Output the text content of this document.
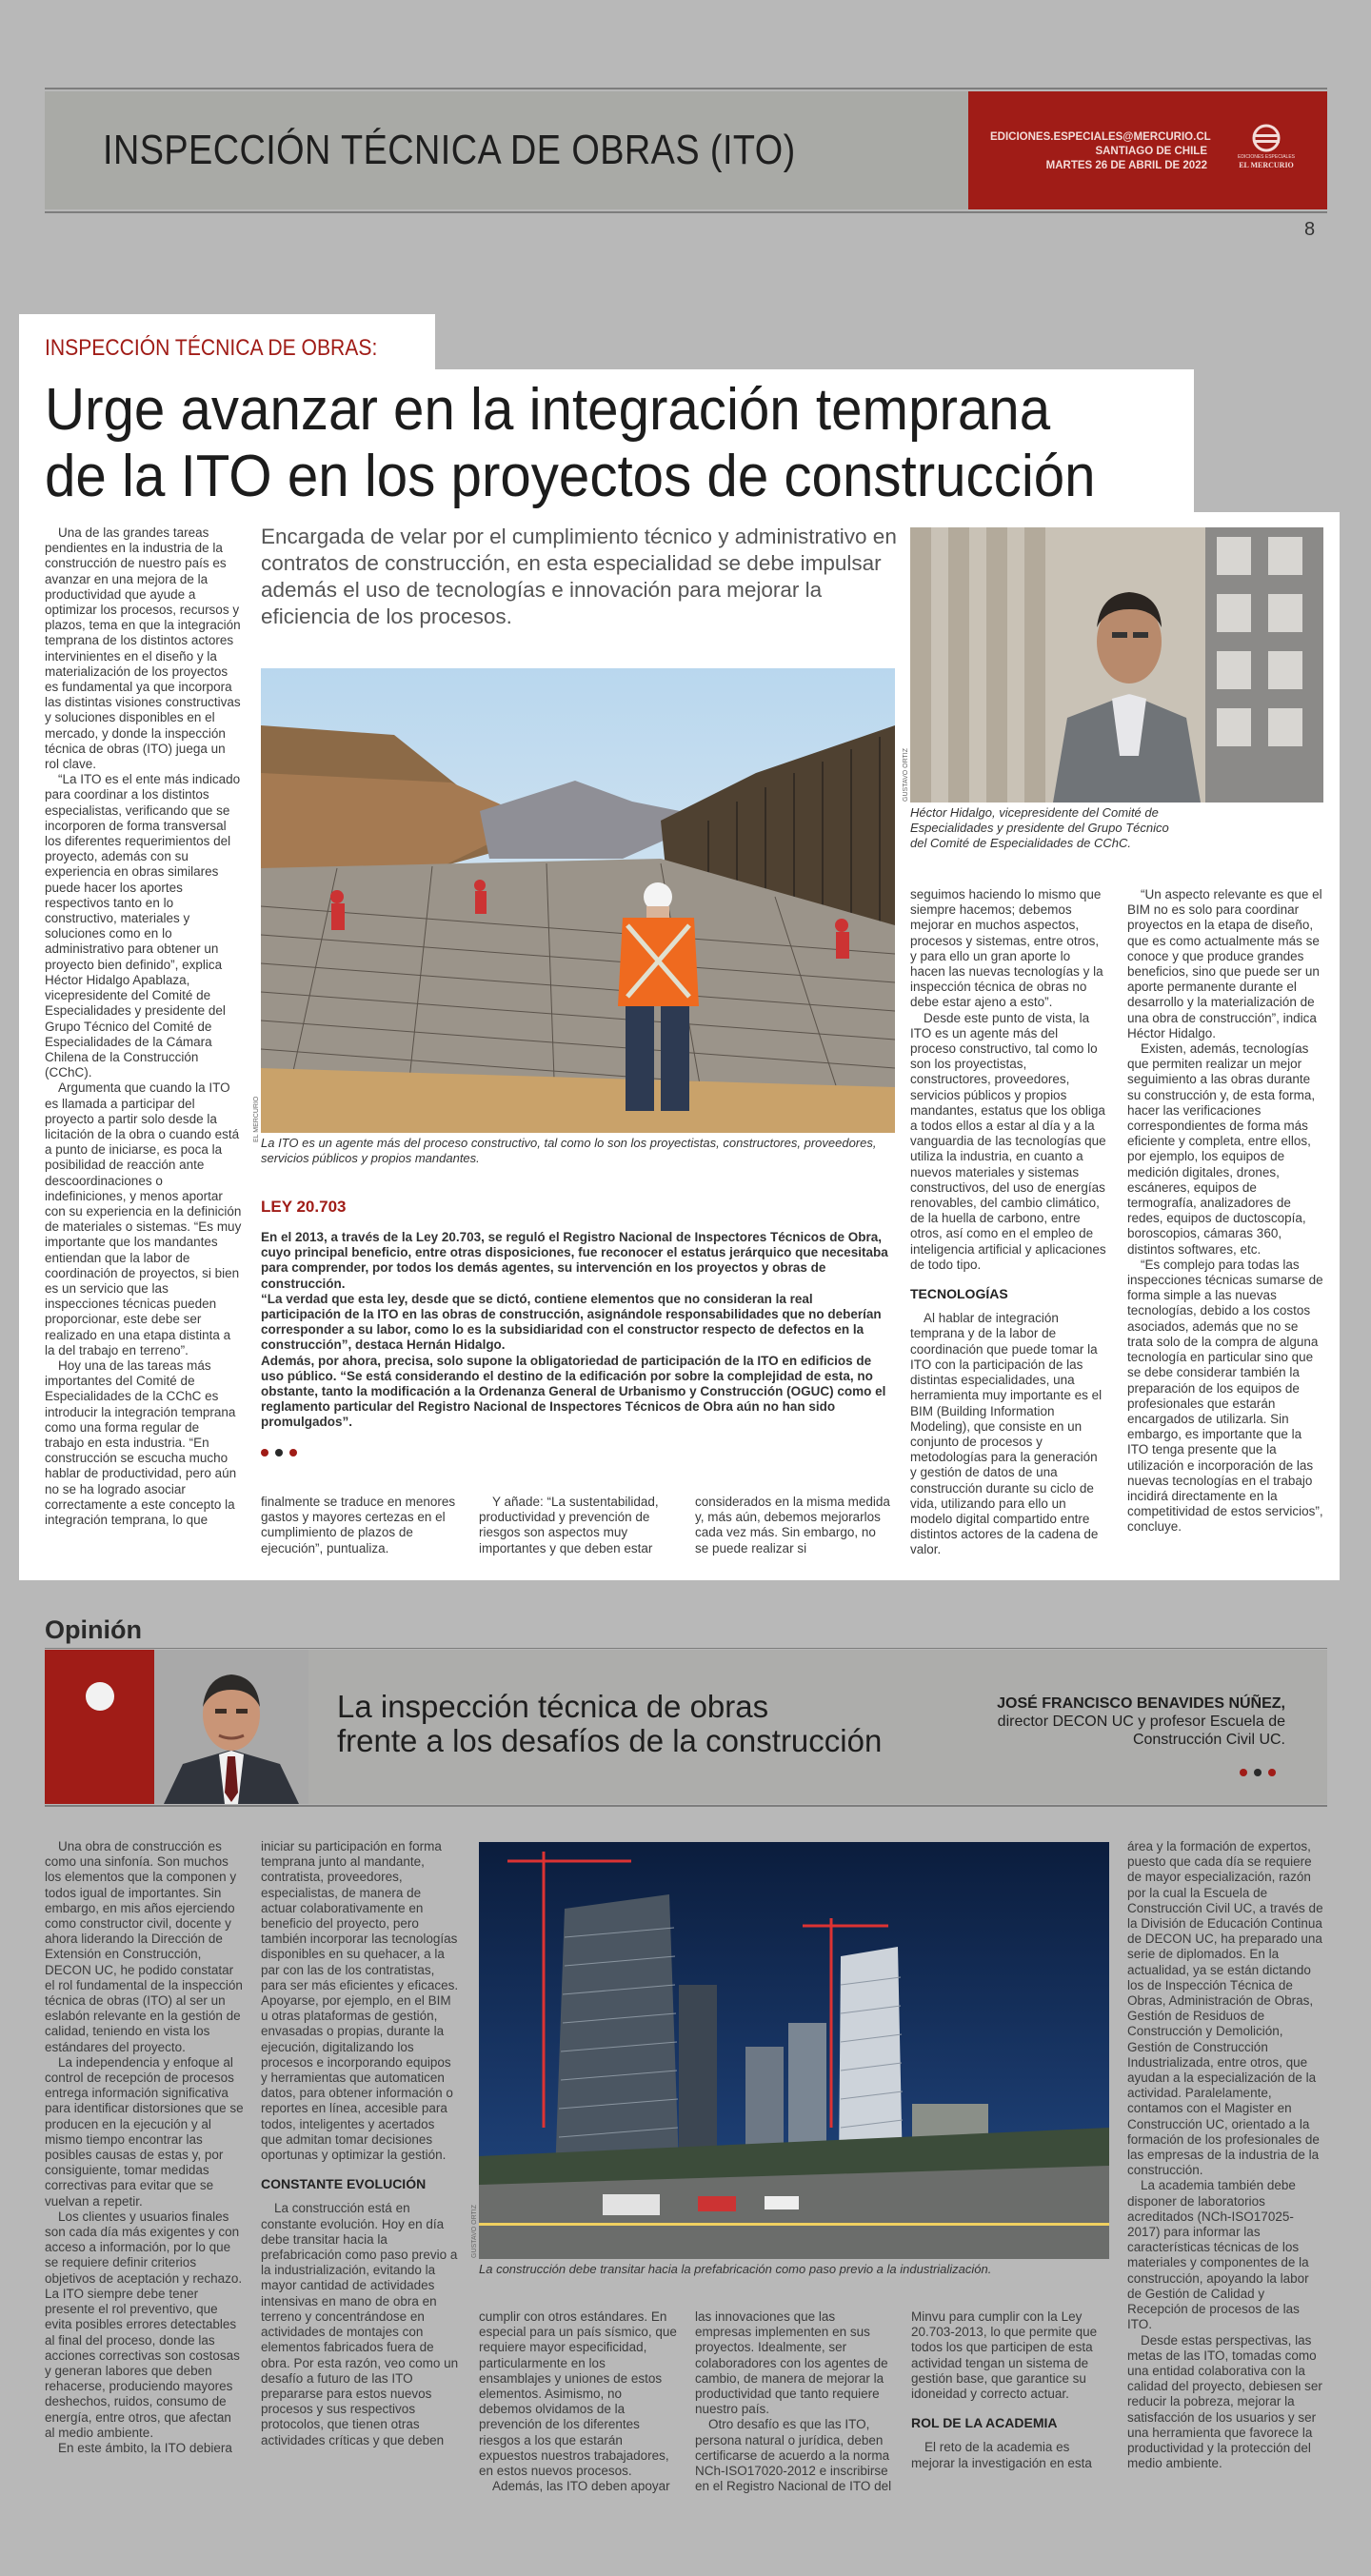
INSPECCIÓN TÉCNICA DE OBRAS (ITO)	EDICIONES.ESPECIALES@MERCURIO.CL
SANTIAGO DE CHILE
MARTES 26 DE ABRIL DE 2022
EDICIONES ESPECIALES
EL MERCURIO
8
INSPECCIÓN TÉCNICA DE OBRAS:
Urge avanzar en la integración temprana
de la ITO en los proyectos de construcción

Una de las grandes tareas pendientes en la industria de la construcción de nuestro país es avanzar en una mejora de la productividad que ayude a optimizar los procesos, recursos y plazos, tema en que la integración temprana de los distintos actores intervinientes en el diseño y la materialización de los proyectos es fundamental ya que incorpora las distintas visiones constructivas y soluciones disponibles en el mercado, y donde la inspección técnica de obras (ITO) juega un rol clave.

“La ITO es el ente más indicado para coordinar a los distintos especialistas, verificando que se incorporen de forma transversal los diferentes requerimientos del proyecto, además con su experiencia en obras similares puede hacer los aportes respectivos tanto en lo constructivo, materiales y soluciones como en lo administrativo para obtener un proyecto bien definido”, explica Héctor Hidalgo Apablaza, vicepresidente del Comité de Especialidades y presidente del Grupo Técnico del Comité de Especialidades de la Cámara Chilena de la Construcción (CChC).

Argumenta que cuando la ITO es llamada a participar del proyecto a partir solo desde la licitación de la obra o cuando está a punto de iniciarse, es poca la posibilidad de reacción ante descoordinaciones o indefiniciones, y menos aportar con su experiencia en la definición de materiales o sistemas. “Es muy importante que los mandantes entiendan que la labor de coordinación de proyectos, si bien es un servicio que las inspecciones técnicas pueden proporcionar, este debe ser realizado en una etapa distinta a la del trabajo en terreno”.

Hoy una de las tareas más importantes del Comité de Especialidades de la CChC es introducir la integración temprana como una forma regular de trabajo en esta industria. “En construcción se escucha mucho hablar de productividad, pero aún no se ha logrado asociar correctamente a este concepto la integración temprana, lo que

Encargada de velar por el cumplimiento técnico y administrativo en contratos de construcción, en esta especialidad se debe impulsar además el uso de tecnologías e innovación para mejorar la eficiencia de los procesos.
EL MERCURIO
La ITO es un agente más del proceso constructivo, tal como lo son los proyectistas, constructores, proveedores, servicios públicos y propios mandantes.
GUSTAVO ORTIZ
Héctor Hidalgo, vicepresidente del Comité de Especialidades y presidente del Grupo Técnico del Comité de Especialidades de CChC.
LEY 20.703
En el 2013, a través de la Ley 20.703, se reguló el Registro Nacional de Inspectores Técnicos de Obra, cuyo principal beneficio, entre otras disposiciones, fue reconocer el estatus jerárquico que necesitaba para comprender, por todos los demás agentes, su intervención en los proyectos y obras de construcción.
“La verdad que esta ley, desde que se dictó, contiene elementos que no consideran la real participación de la ITO en las obras de construcción, asignándole responsabilidades que no deberían corresponder a su labor, como lo es la subsidiaridad con el constructor respecto de defectos en la construcción”, destaca Hernán Hidalgo.
Además, por ahora, precisa, solo supone la obligatoriedad de participación de la ITO en edificios de uso público. “Se está considerando el destino de la edificación por sobre la complejidad de esta, no obstante, tanto la modificación a la Ordenanza General de Urbanismo y Construcción (OGUC) como el reglamento particular del Registro Nacional de Inspectores Técnicos de Obra aún no han sido promulgados”.

finalmente se traduce en menores gastos y mayores certezas en el cumplimiento de plazos de ejecución”, puntualiza.

Y añade: “La sustentabilidad, productividad y prevención de riesgos son aspectos muy importantes y que deben estar

considerados en la misma medida y, más aún, debemos mejorarlos cada vez más. Sin embargo, no se puede realizar si

seguimos haciendo lo mismo que siempre hacemos; debemos mejorar en muchos aspectos, procesos y sistemas, entre otros, y para ello un gran aporte lo hacen las nuevas tecnologías y la inspección técnica de obras no debe estar ajeno a esto”.

Desde este punto de vista, la ITO es un agente más del proceso constructivo, tal como lo son los proyectistas, constructores, proveedores, servicios públicos y propios mandantes, estatus que los obliga a todos ellos a estar al día y a la vanguardia de las tecnologías que utiliza la industria, en cuanto a nuevos materiales y sistemas constructivos, del uso de energías renovables, del cambio climático, de la huella de carbono, entre otros, así como en el empleo de inteligencia artificial y aplicaciones de todo tipo.

TECNOLOGÍAS

Al hablar de integración temprana y de la labor de coordinación que puede tomar la ITO con la participación de las distintas especialidades, una herramienta muy importante es el BIM (Building Information Modeling), que consiste en un conjunto de procesos y metodologías para la generación y gestión de datos de una construcción durante su ciclo de vida, utilizando para ello un modelo digital compartido entre distintos actores de la cadena de valor.

“Un aspecto relevante es que el BIM no es solo para coordinar proyectos en la etapa de diseño, que es como actualmente más se conoce y que produce grandes beneficios, sino que puede ser un aporte permanente durante el desarrollo y la materialización de una obra de construcción”, indica Héctor Hidalgo.

Existen, además, tecnologías que permiten realizar un mejor seguimiento a las obras durante su construcción y, de esta forma, hacer las verificaciones correspondientes de forma más eficiente y completa, entre ellos, por ejemplo, los equipos de medición digitales, drones, escáneres, equipos de termografía, analizadores de redes, equipos de ductoscopía, boroscopios, cámaras 360, distintos softwares, etc.

“Es complejo para todas las inspecciones técnicas sumarse de forma simple a las nuevas tecnologías, debido a los costos asociados, además que no se trata solo de la compra de alguna tecnología en particular sino que se debe considerar también la preparación de los equipos de profesionales que estarán encargados de utilizarla. Sin embargo, es importante que la ITO tenga presente que la utilización e incorporación de las nuevas tecnologías en el trabajo incidirá directamente en la competitividad de estos servicios”, concluye.

Opinión
La inspección técnica de obras
frente a los desafíos de la construcción
JOSÉ FRANCISCO BENAVIDES NÚÑEZ,
director DECON UC y profesor Escuela de
Construcción Civil UC.

Una obra de construcción es como una sinfonía. Son muchos los elementos que la componen y todos igual de importantes. Sin embargo, en mis años ejerciendo como constructor civil, docente y ahora liderando la Dirección de Extensión en Construcción, DECON UC, he podido constatar el rol fundamental de la inspección técnica de obras (ITO) al ser un eslabón relevante en la gestión de calidad, teniendo en vista los estándares del proyecto.

La independencia y enfoque al control de recepción de procesos entrega información significativa para identificar distorsiones que se producen en la ejecución y al mismo tiempo encontrar las posibles causas de estas y, por consiguiente, tomar medidas correctivas para evitar que se vuelvan a repetir.

Los clientes y usuarios finales son cada día más exigentes y con acceso a información, por lo que se requiere definir criterios objetivos de aceptación y rechazo. La ITO siempre debe tener presente el rol preventivo, que evita posibles errores detectables al final del proceso, donde las acciones correctivas son costosas y generan labores que deben rehacerse, produciendo mayores deshechos, ruidos, consumo de energía, entre otros, que afectan al medio ambiente.

En este ámbito, la ITO debiera

iniciar su participación en forma temprana junto al mandante, contratista, proveedores, especialistas, de manera de actuar colaborativamente en beneficio del proyecto, pero también incorporar las tecnologías disponibles en su quehacer, a la par con las de los contratistas, para ser más eficientes y eficaces. Apoyarse, por ejemplo, en el BIM u otras plataformas de gestión, envasadas o propias, durante la ejecución, digitalizando los procesos e incorporando equipos y herramientas que automaticen datos, para obtener información o reportes en línea, accesible para todos, inteligentes y acertados que admitan tomar decisiones oportunas y optimizar la gestión.

CONSTANTE EVOLUCIÓN

La construcción está en constante evolución. Hoy en día debe transitar hacia la prefabricación como paso previo a la industrialización, evitando la mayor cantidad de actividades intensivas en mano de obra en terreno y concentrándose en actividades de montajes con elementos fabricados fuera de obra. Por esta razón, veo como un desafío a futuro de las ITO prepararse para estos nuevos procesos y sus respectivos protocolos, que tienen otras actividades críticas y que deben

GUSTAVO ORTIZ
La construcción debe transitar hacia la prefabricación como paso previo a la industrialización.

cumplir con otros estándares. En especial para un país sísmico, que requiere mayor especificidad, particularmente en los ensamblajes y uniones de estos elementos. Asimismo, no debemos olvidamos de la prevención de los diferentes riesgos a los que estarán expuestos nuestros trabajadores, en estos nuevos procesos.

Además, las ITO deben apoyar

las innovaciones que las empresas implementen en sus proyectos. Idealmente, ser colaboradores con los agentes de cambio, de manera de mejorar la productividad que tanto requiere nuestro país.

Otro desafío es que las ITO, persona natural o jurídica, deben certificarse de acuerdo a la norma NCh-ISO17020-2012 e inscribirse en el Registro Nacional de ITO del

Minvu para cumplir con la Ley 20.703-2013, lo que permite que todos los que participen de esta actividad tengan un sistema de gestión base, que garantice su idoneidad y correcto actuar.

ROL DE LA ACADEMIA

El reto de la academia es mejorar la investigación en esta

área y la formación de expertos, puesto que cada día se requiere de mayor especialización, razón por la cual la Escuela de Construcción Civil UC, a través de la División de Educación Continua de DECON UC, ha preparado una serie de diplomados. En la actualidad, ya se están dictando los de Inspección Técnica de Obras, Administración de Obras, Gestión de Residuos de Construcción y Demolición, Gestión de Construcción Industrializada, entre otros, que ayudan a la especialización de la actividad. Paralelamente, contamos con el Magister en Construcción UC, orientado a la formación de los profesionales de las empresas de la industria de la construcción.

La academia también debe disponer de laboratorios acreditados (NCh-ISO17025-2017) para informar las características técnicas de los materiales y componentes de la construcción, apoyando la labor de Gestión de Calidad y Recepción de procesos de las ITO.

Desde estas perspectivas, las metas de las ITO, tomadas como una entidad colaborativa con la calidad del proyecto, debiesen ser reducir la pobreza, mejorar la satisfacción de los usuarios y ser una herramienta que favorece la productividad y la protección del medio ambiente.
